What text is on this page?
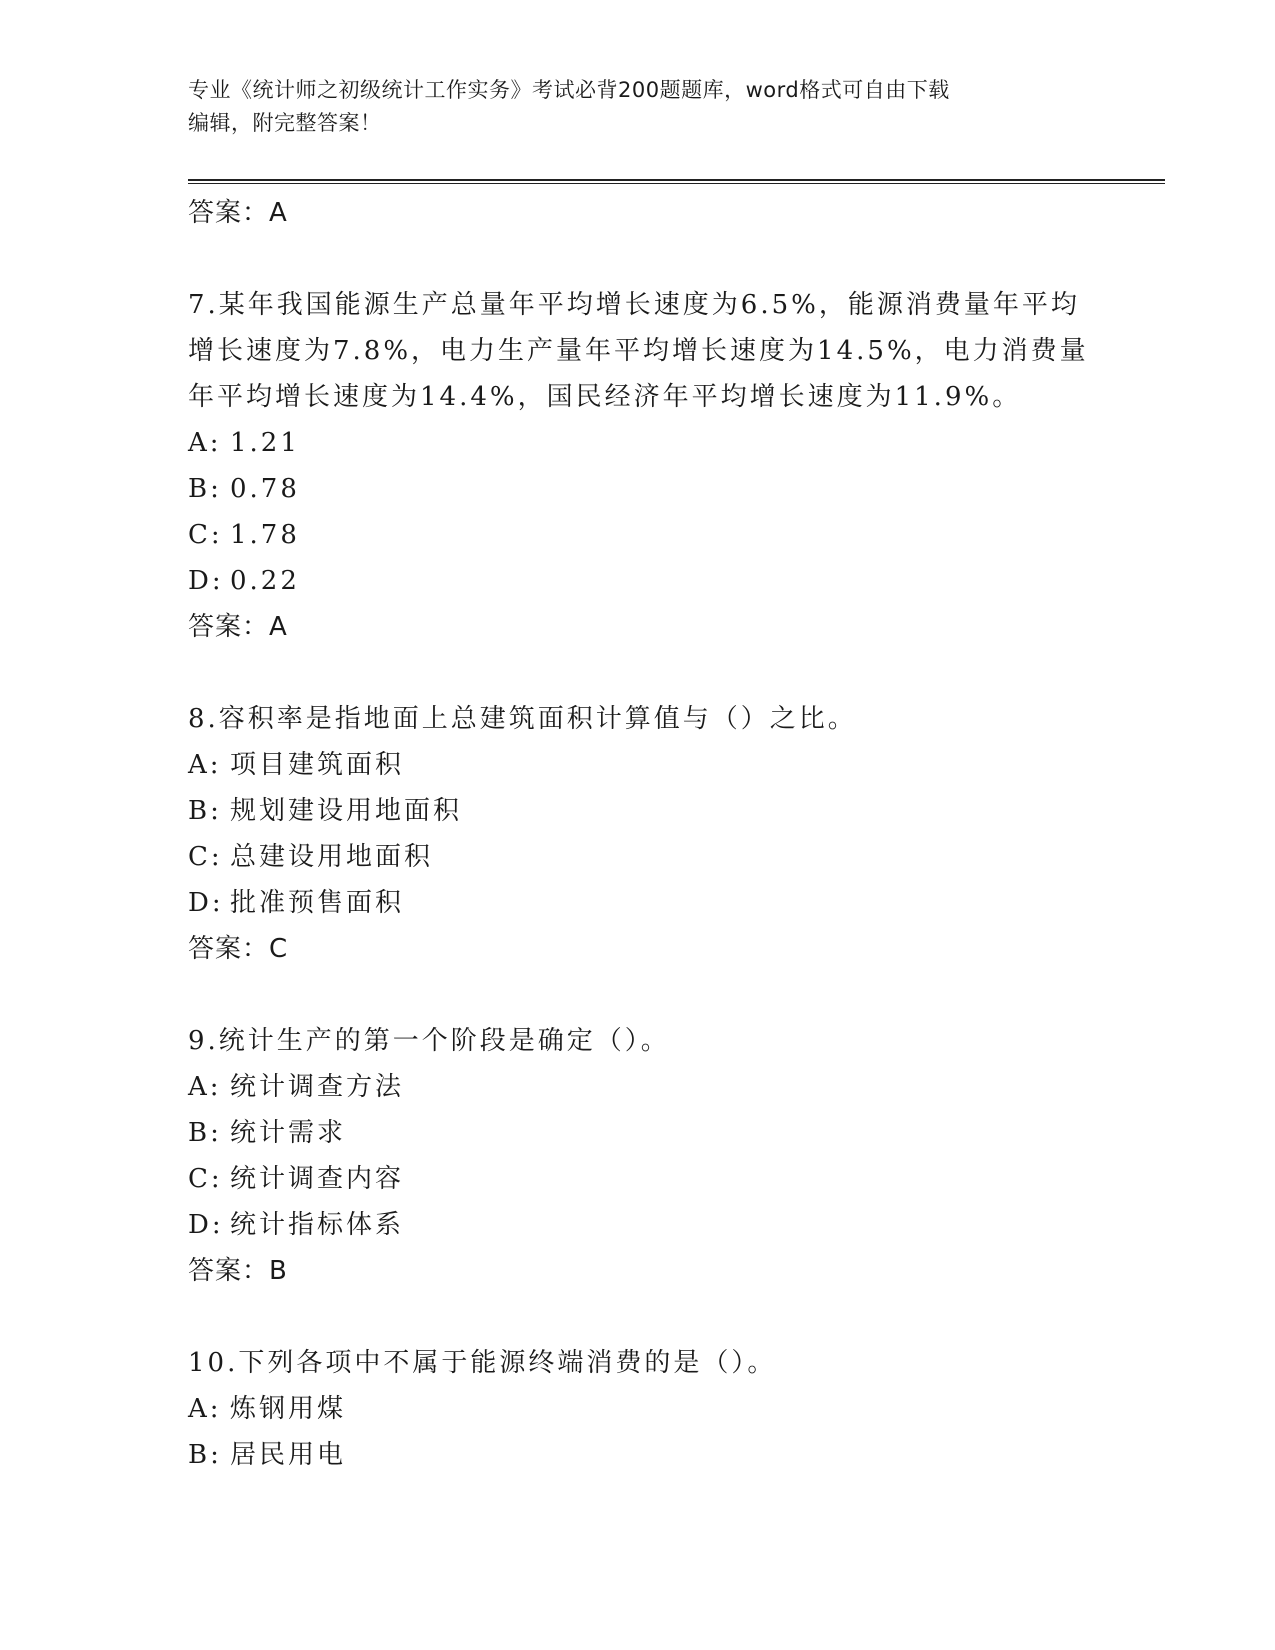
专业《统计师之初级统计工作实务》考试必背200题题库，word格式可自由下载
编辑，附完整答案！
答案：A
7.某年我国能源生产总量年平均增长速度为6.5%，能源消费量年平均
增长速度为7.8%，电力生产量年平均增长速度为14.5%，电力消费量
年平均增长速度为14.4%，国民经济年平均增长速度为11.9%。
A: 1.21
B: 0.78
C: 1.78
D: 0.22
答案：A
8.容积率是指地面上总建筑面积计算值与（）之比。
A: 项目建筑面积
B: 规划建设用地面积
C: 总建设用地面积
D: 批准预售面积
答案：C
9.统计生产的第一个阶段是确定（）。
A: 统计调查方法
B: 统计需求
C: 统计调查内容
D: 统计指标体系
答案：B
10.下列各项中不属于能源终端消费的是（）。
A: 炼钢用煤
B: 居民用电
